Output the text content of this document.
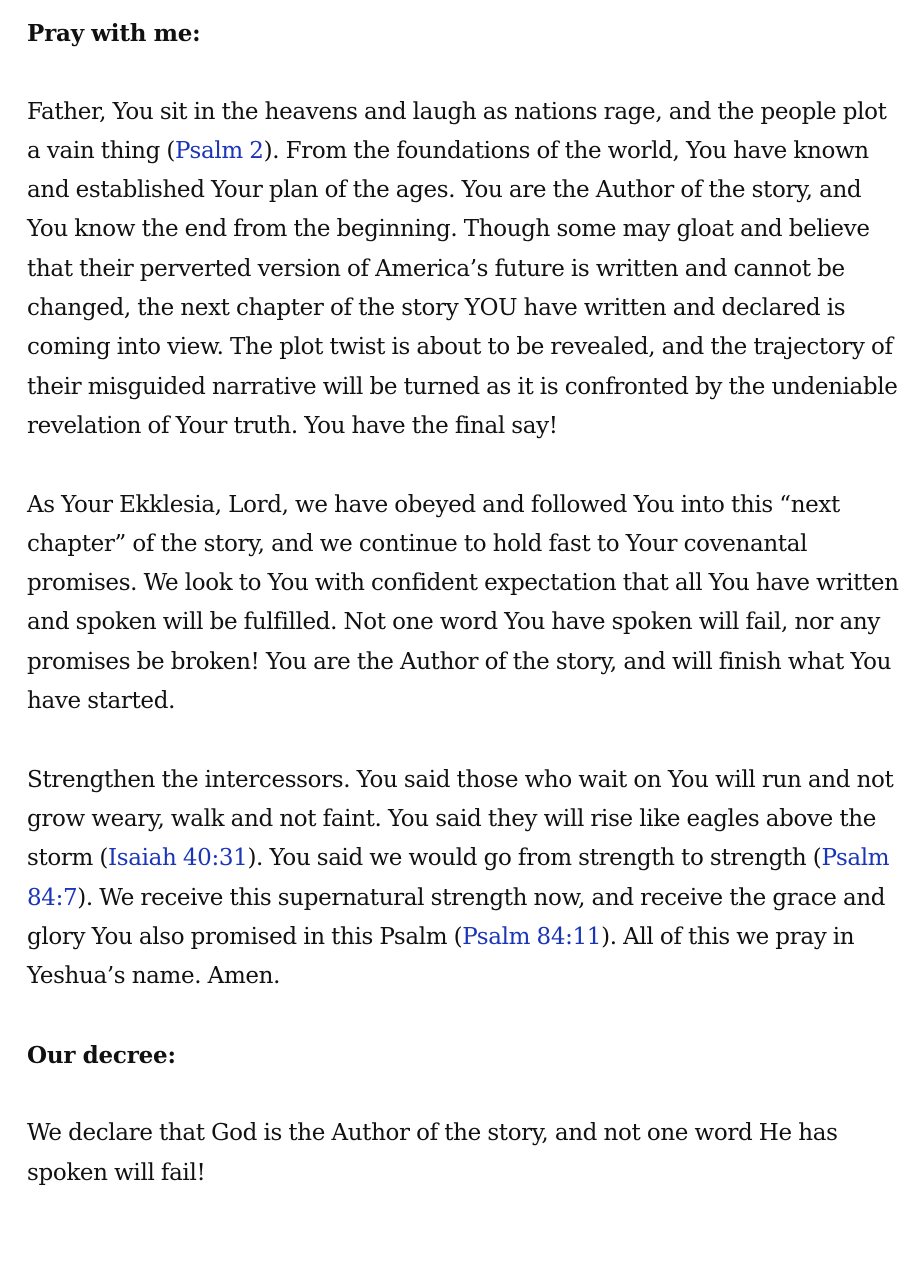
Pray with me:

Father, You sit in the heavens and laugh as nations rage, and the people plot a vain thing (Psalm 2). From the foundations of the world, You have known and established Your plan of the ages. You are the Author of the story, and You know the end from the beginning. Though some may gloat and believe that their perverted version of America’s future is written and cannot be changed, the next chapter of the story YOU have written and declared is coming into view. The plot twist is about to be revealed, and the trajectory of their misguided narrative will be turned as it is confronted by the undeniable revelation of Your truth. You have the final say!

As Your Ekklesia, Lord, we have obeyed and followed You into this “next chapter” of the story, and we continue to hold fast to Your covenantal promises. We look to You with confident expectation that all You have written and spoken will be fulfilled. Not one word You have spoken will fail, nor any promises be broken! You are the Author of the story, and will finish what You have started.

Strengthen the intercessors. You said those who wait on You will run and not grow weary, walk and not faint. You said they will rise like eagles above the storm (Isaiah 40:31). You said we would go from strength to strength (Psalm 84:7). We receive this supernatural strength now, and receive the grace and glory You also promised in this Psalm (Psalm 84:11). All of this we pray in Yeshua’s name. Amen.

Our decree:

We declare that God is the Author of the story, and not one word He has spoken will fail!
